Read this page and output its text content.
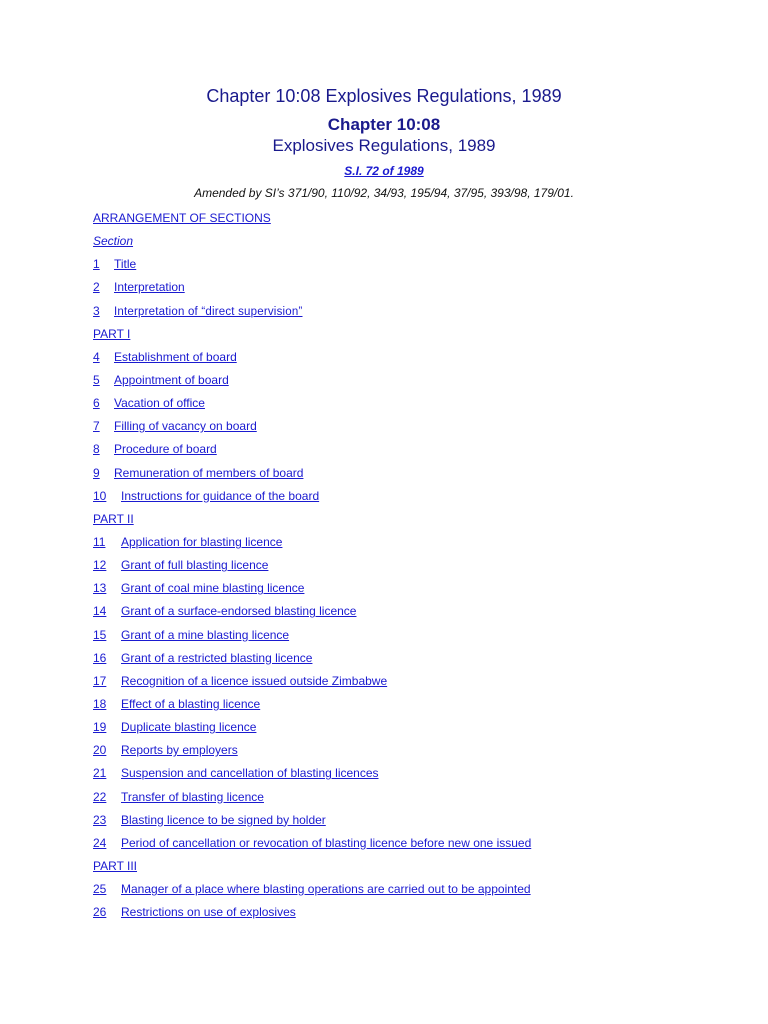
Chapter 10:08 Explosives Regulations, 1989
Chapter 10:08
Explosives Regulations, 1989
S.I. 72 of 1989
Amended by SI’s 371/90, 110/92, 34/93, 195/94, 37/95, 393/98, 179/01.
ARRANGEMENT OF SECTIONS
Section
1 Title
2 Interpretation
3 Interpretation of “direct supervision”
PART I
4 Establishment of board
5 Appointment of board
6 Vacation of office
7 Filling of vacancy on board
8 Procedure of board
9 Remuneration of members of board
10 Instructions for guidance of the board
PART II
11 Application for blasting licence
12 Grant of full blasting licence
13 Grant of coal mine blasting licence
14 Grant of a surface-endorsed blasting licence
15 Grant of a mine blasting licence
16 Grant of a restricted blasting licence
17 Recognition of a licence issued outside Zimbabwe
18 Effect of a blasting licence
19 Duplicate blasting licence
20 Reports by employers
21 Suspension and cancellation of blasting licences
22 Transfer of blasting licence
23 Blasting licence to be signed by holder
24 Period of cancellation or revocation of blasting licence before new one issued
PART III
25 Manager of a place where blasting operations are carried out to be appointed
26 Restrictions on use of explosives
